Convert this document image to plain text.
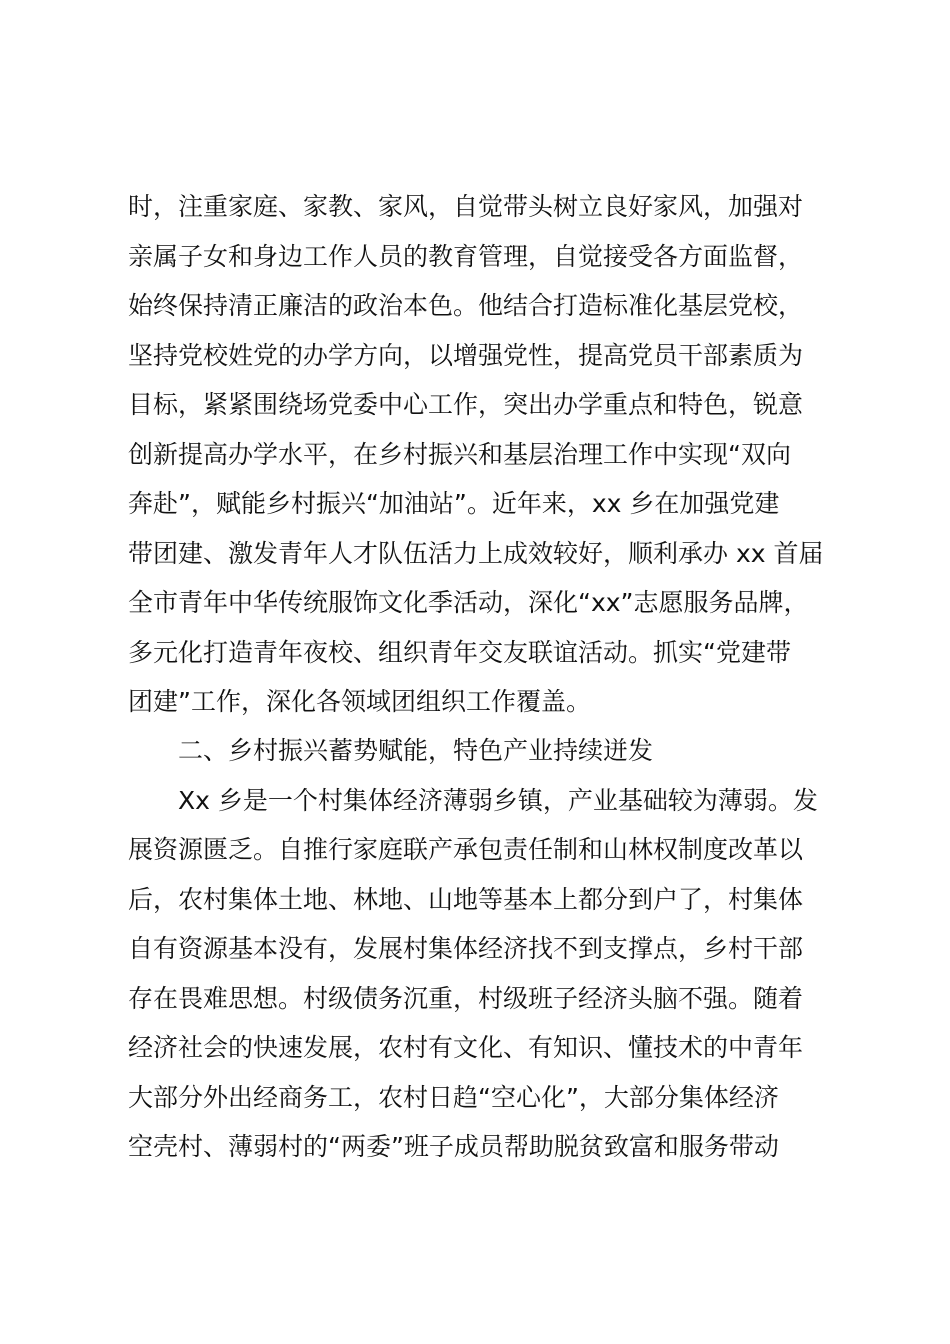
时，注重家庭、家教、家风，自觉带头树立良好家风，加强对
亲属子女和身边工作人员的教育管理，自觉接受各方面监督，
始终保持清正廉洁的政治本色。他结合打造标准化基层党校，
坚持党校姓党的办学方向，以增强党性，提高党员干部素质为
目标，紧紧围绕场党委中心工作，突出办学重点和特色，锐意
创新提高办学水平，在乡村振兴和基层治理工作中实现“双向
奔赴”，赋能乡村振兴“加油站”。近年来，xx 乡在加强党建
带团建、激发青年人才队伍活力上成效较好，顺利承办 xx 首届
全市青年中华传统服饰文化季活动，深化“xx”志愿服务品牌，
多元化打造青年夜校、组织青年交友联谊活动。抓实“党建带
团建”工作，深化各领域团组织工作覆盖。
二、乡村振兴蓄势赋能，特色产业持续迸发
Xx 乡是一个村集体经济薄弱乡镇，产业基础较为薄弱。发
展资源匮乏。自推行家庭联产承包责任制和山林权制度改革以
后，农村集体土地、林地、山地等基本上都分到户了，村集体
自有资源基本没有，发展村集体经济找不到支撑点，乡村干部
存在畏难思想。村级债务沉重，村级班子经济头脑不强。随着
经济社会的快速发展，农村有文化、有知识、懂技术的中青年
大部分外出经商务工，农村日趋“空心化”，大部分集体经济
空壳村、薄弱村的“两委”班子成员帮助脱贫致富和服务带动
